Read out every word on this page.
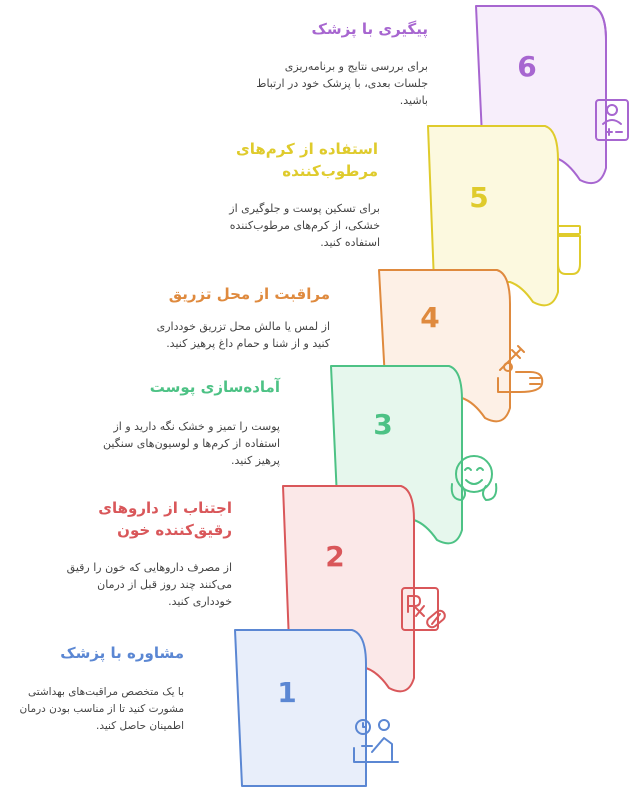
6
5
4
3
2
1
پیگیری با پزشک
برای بررسی نتایج و برنامه‌ریزی
جلسات بعدی، با پزشک خود در ارتباط
باشید.
استفاده از کرم‌های مرطوب‌کننده
برای تسکین پوست و جلوگیری از
خشکی، از کرم‌های مرطوب‌کننده
استفاده کنید.
مراقبت از محل تزریق
از لمس یا مالش محل تزریق خودداری
کنید و از شنا و حمام داغ پرهیز کنید.
آماده‌سازی پوست
پوست را تمیز و خشک نگه دارید و از
استفاده از کرم‌ها و لوسیون‌های سنگین
پرهیز کنید.
اجتناب از داروهای رقیق‌کننده خون
از مصرف داروهایی که خون را رقیق
می‌کنند چند روز قبل از درمان
خودداری کنید.
مشاوره با پزشک
با یک متخصص مراقبت‌های بهداشتی
مشورت کنید تا از مناسب بودن درمان
اطمینان حاصل کنید.
